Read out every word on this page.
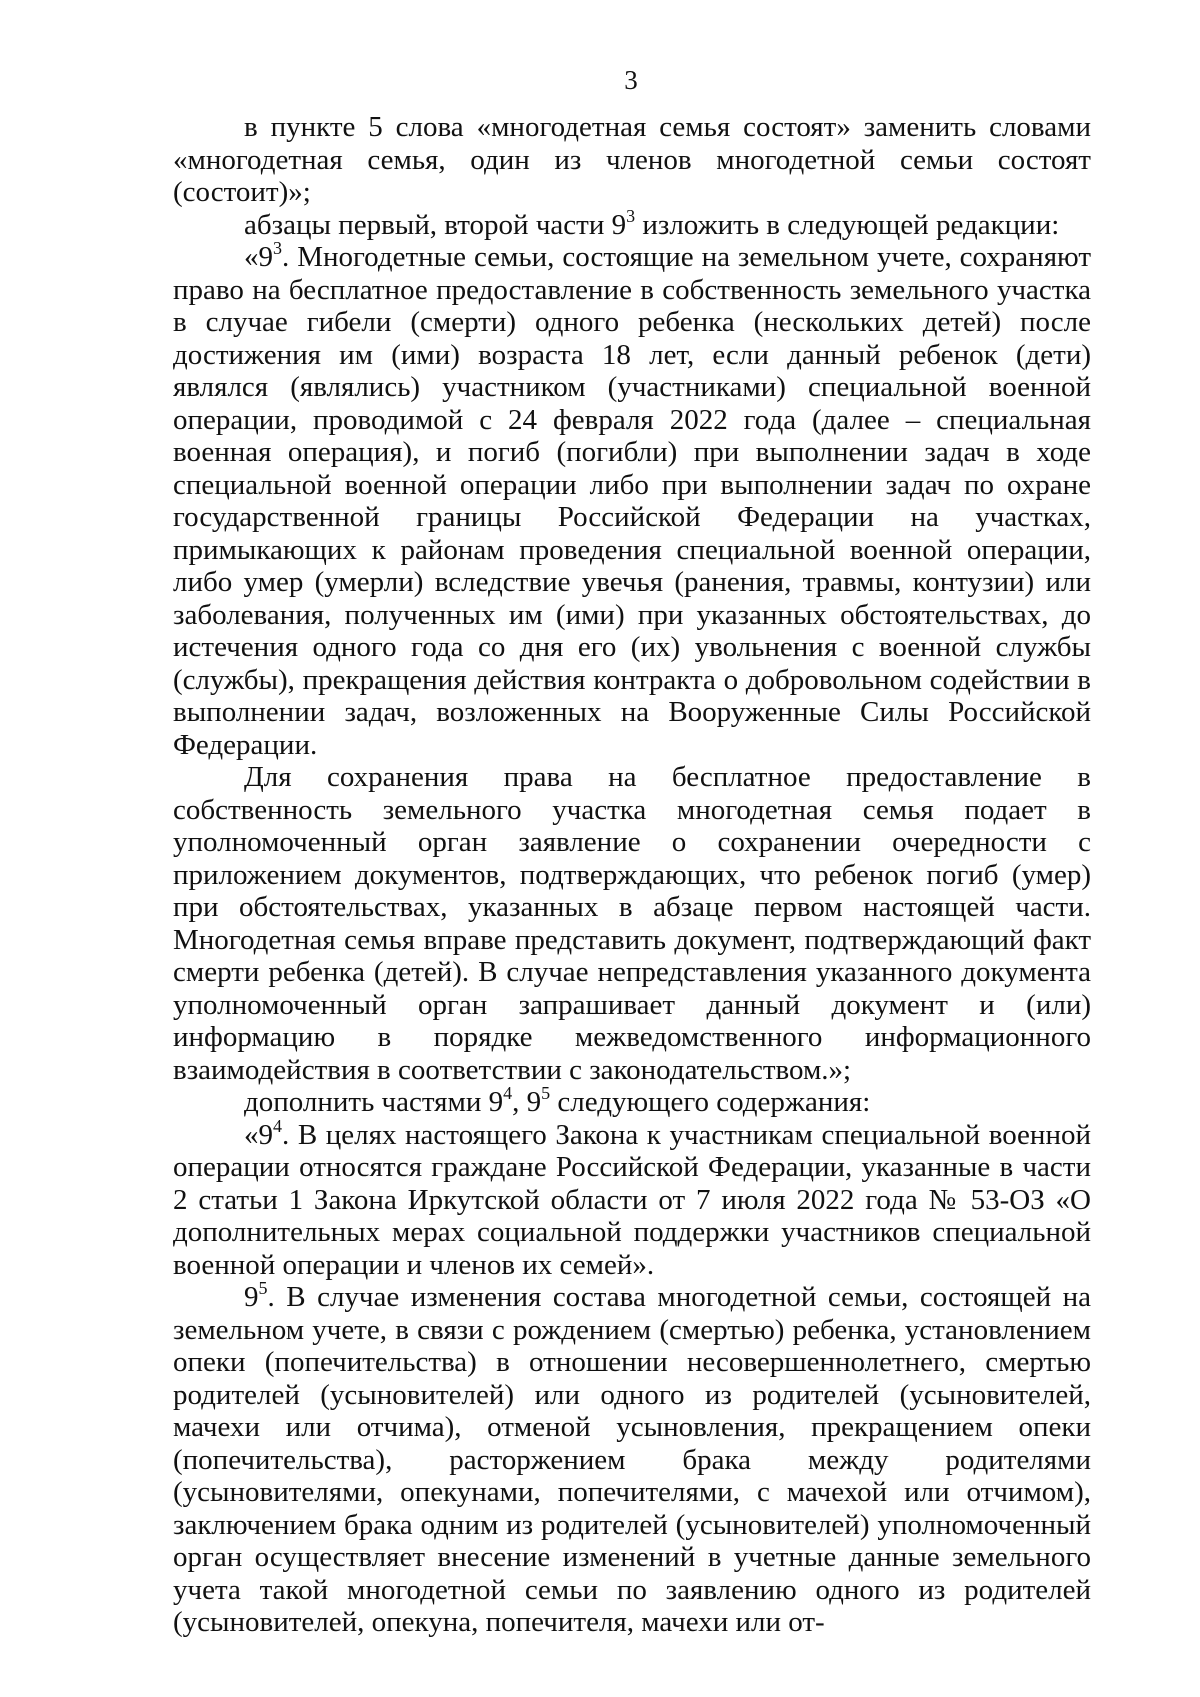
3

в пункте 5 слова «многодетная семья состоят» заменить словами «многодетная семья, один из членов многодетной семьи состоят (состоит)»;

абзацы первый, второй части $9^3$ изложить в следующей редакции:

«$9^3$. Многодетные семьи, состоящие на земельном учете, сохраняют право на бесплатное предоставление в собственность земельного участка в случае гибели (смерти) одного ребенка (нескольких детей) после достижения им (ими) возраста 18 лет, если данный ребенок (дети) являлся (являлись) участником (участниками) специальной военной операции, проводимой с 24 февраля 2022 года (далее – специальная военная операция), и погиб (погибли) при выполнении задач в ходе специальной военной операции либо при выполнении задач по охране государственной границы Российской Федерации на участках, примыкающих к районам проведения специальной военной операции, либо умер (умерли) вследствие увечья (ранения, травмы, контузии) или заболевания, полученных им (ими) при указанных обстоятельствах, до истечения одного года со дня его (их) увольнения с военной службы (службы), прекращения действия контракта о добровольном содействии в выполнении задач, возложенных на Вооруженные Силы Российской Федерации.

Для сохранения права на бесплатное предоставление в собственность земельного участка многодетная семья подает в уполномоченный орган заявление о сохранении очередности с приложением документов, подтверждающих, что ребенок погиб (умер) при обстоятельствах, указанных в абзаце первом настоящей части. Многодетная семья вправе представить документ, подтверждающий факт смерти ребенка (детей). В случае непредставления указанного документа уполномоченный орган запрашивает данный документ и (или) информацию в порядке межведомственного информационного взаимодействия в соответствии с законодательством.»;

дополнить частями $9^4$, $9^5$ следующего содержания:

«$9^4$. В целях настоящего Закона к участникам специальной военной операции относятся граждане Российской Федерации, указанные в части 2 статьи 1 Закона Иркутской области от 7 июля 2022 года № 53-ОЗ «О дополнительных мерах социальной поддержки участников специальной военной операции и членов их семей».

$9^5$. В случае изменения состава многодетной семьи, состоящей на земельном учете, в связи с рождением (смертью) ребенка, установлением опеки (попечительства) в отношении несовершеннолетнего, смертью родителей (усыновителей) или одного из родителей (усыновителей, мачехи или отчима), отменой усыновления, прекращением опеки (попечительства), расторжением брака между родителями (усыновителями, опекунами, попечителями, с мачехой или отчимом), заключением брака одним из родителей (усыновителей) уполномоченный орган осуществляет внесение изменений в учетные данные земельного учета такой многодетной семьи по заявлению одного из родителей (усыновителей, опекуна, попечителя, мачехи или от-
